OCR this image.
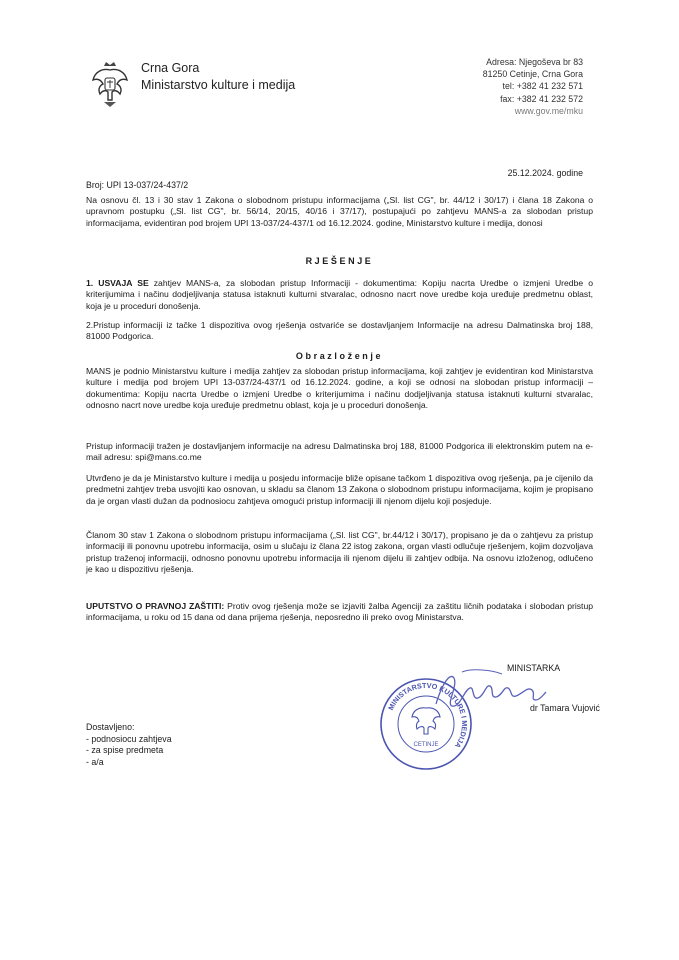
Crna Gora
Ministarstvo kulture i medija
Adresa: Njegoševa br 83
81250 Cetinje, Crna Gora
tel: +382 41 232 571
fax: +382 41 232 572
www.gov.me/mku
25.12.2024. godine
Broj: UPI 13-037/24-437/2

Na osnovu čl. 13 i 30 stav 1 Zakona o slobodnom pristupu informacijama („Sl. list CG", br. 44/12 i 30/17) i člana 18 Zakona o upravnom postupku („Sl. list CG", br. 56/14, 20/15, 40/16 i 37/17), postupajući po zahtjevu MANS-a za slobodan pristup informacijama, evidentiran pod brojem UPI 13-037/24-437/1 od 16.12.2024. godine, Ministarstvo kulture i medija, donosi

RJEŠENJE

1. USVAJA SE zahtjev MANS-a, za slobodan pristup Informaciji - dokumentima: Kopiju nacrta Uredbe o izmjeni Uredbe o kriterijumima i načinu dodjeljivanja statusa istaknuti kulturni stvaralac, odnosno nacrt nove uredbe koja uređuje predmetnu oblast, koja je u proceduri donošenja.

2.Pristup informaciji iz tačke 1 dispozitiva ovog rješenja ostvariće se dostavljanjem Informacije na adresu Dalmatinska broj 188, 81000 Podgorica.

Obrazloženje

MANS je podnio Ministarstvu kulture i medija zahtjev za slobodan pristup informacijama, koji zahtjev je evidentiran kod Ministarstva kulture i medija pod brojem UPI 13-037/24-437/1 od 16.12.2024. godine, a koji se odnosi na slobodan pristup informaciji – dokumentima: Kopiju nacrta Uredbe o izmjeni Uredbe o kriterijumima i načinu dodjeljivanja statusa istaknuti kulturni stvaralac, odnosno nacrt nove uredbe koja uređuje predmetnu oblast, koja je u proceduri donošenja.

Pristup informaciji tražen je dostavljanjem informacije na adresu Dalmatinska broj 188, 81000 Podgorica ili elektronskim putem na e-mail adresu: spi@mans.co.me

Utvrđeno je da je Ministarstvo kulture i medija u posjedu informacije bliže opisane tačkom 1 dispozitiva ovog rješenja, pa je cijenilo da predmetni zahtjev treba usvojiti kao osnovan, u skladu sa članom 13 Zakona o slobodnom pristupu informacijama, kojim je propisano da je organ vlasti dužan da podnosiocu zahtjeva omogući pristup informaciji ili njenom dijelu koji posjeduje.

Članom 30 stav 1 Zakona o slobodnom pristupu informacijama („Sl. list CG", br.44/12 i 30/17), propisano je da o zahtjevu za pristup informaciji ili ponovnu upotrebu informacija, osim u slučaju iz člana 22 istog zakona, organ vlasti odlučuje rješenjem, kojim dozvoljava pristup traženoj informaciji, odnosno ponovnu upotrebu informacija ili njenom dijelu ili zahtjev odbija. Na osnovu izloženog, odlučeno je kao u dispozitivu rješenja.

UPUTSTVO O PRAVNOJ ZAŠTITI: Protiv ovog rješenja može se izjaviti žalba Agenciji za zaštitu ličnih podataka i slobodan pristup informacijama, u roku od 15 dana od dana prijema rješenja, neposredno ili preko ovog Ministarstva.

MINISTARKA
MINISTARSTVO KULTURE I MEDIJA
CETINJE
dr Tamara Vujović
Dostavljeno:
- podnosiocu zahtjeva
- za spise predmeta
- a/a
